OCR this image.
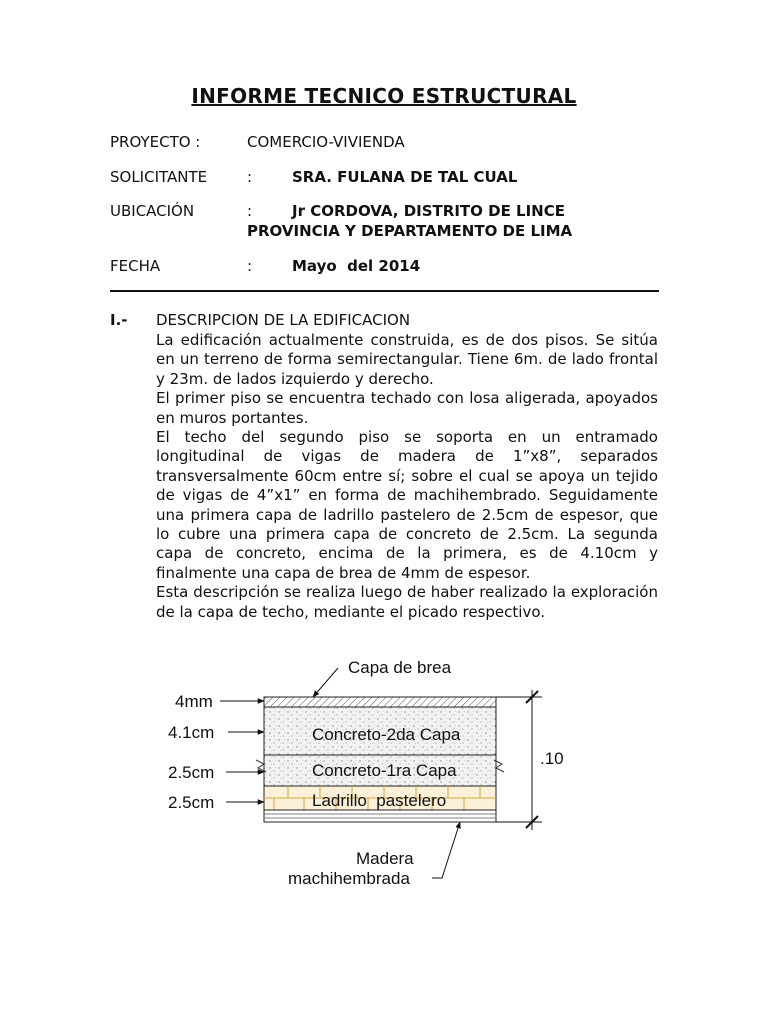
INFORME TECNICO ESTRUCTURAL
PROYECTO :	COMERCIO-VIVIENDA
SOLICITANTE	:	SRA. FULANA DE TAL CUAL
UBICACIÓN	:	Jr CORDOVA, DISTRITO DE LINCE
PROVINCIA Y DEPARTAMENTO DE LIMA
FECHA	:	Mayo  del 2014
I.- DESCRIPCION DE LA EDIFICACION

La edificación actualmente construida, es de dos pisos. Se sitúa en un terreno de forma semirectangular. Tiene 6m. de lado frontal y 23m. de lados izquierdo y derecho.

El primer piso se encuentra techado con losa aligerada, apoyados en muros portantes.

El techo del segundo piso se soporta en un entramado longitudinal de vigas de madera de 1”x8”, separados transversalmente 60cm entre sí; sobre el cual se apoya un tejido de vigas de 4”x1” en forma de machihembrado. Seguidamente una primera capa de ladrillo pastelero de 2.5cm de espesor, que lo cubre una primera capa de concreto de 2.5cm. La segunda capa de concreto, encima de la primera, es de 4.10cm y finalmente una capa de brea de 4mm de espesor.

Esta descripción se realiza luego de haber realizado la exploración de la capa de techo, mediante el picado respectivo.

Capa de brea
4mm
4.1cm
2.5cm
2.5cm
Concreto-2da Capa
Concreto-1ra Capa
Ladrillo  pastelero
.10
Madera
machihembrada
